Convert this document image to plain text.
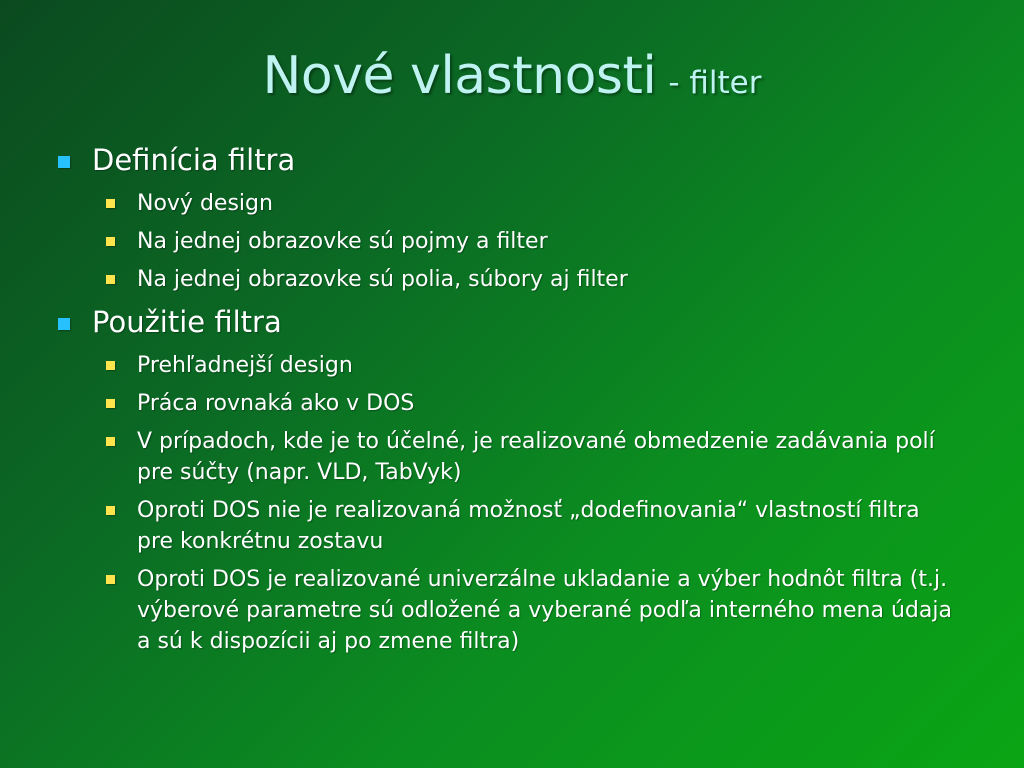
Nové vlastnosti - filter
Definícia filtra
Nový design
Na jednej obrazovke sú pojmy a filter
Na jednej obrazovke sú polia, súbory aj filter
Použitie filtra
Prehľadnejší design
Práca rovnaká ako v DOS
V prípadoch, kde je to účelné, je realizované obmedzenie zadávania polí pre súčty (napr. VLD, TabVyk)
Oproti DOS nie je realizovaná možnosť „dodefinovania“ vlastností filtra pre konkrétnu zostavu
Oproti DOS je realizované univerzálne ukladanie a výber hodnôt filtra (t.j. výberové parametre sú odložené a vyberané podľa interného mena údaja a sú k dispozícii aj po zmene filtra)
